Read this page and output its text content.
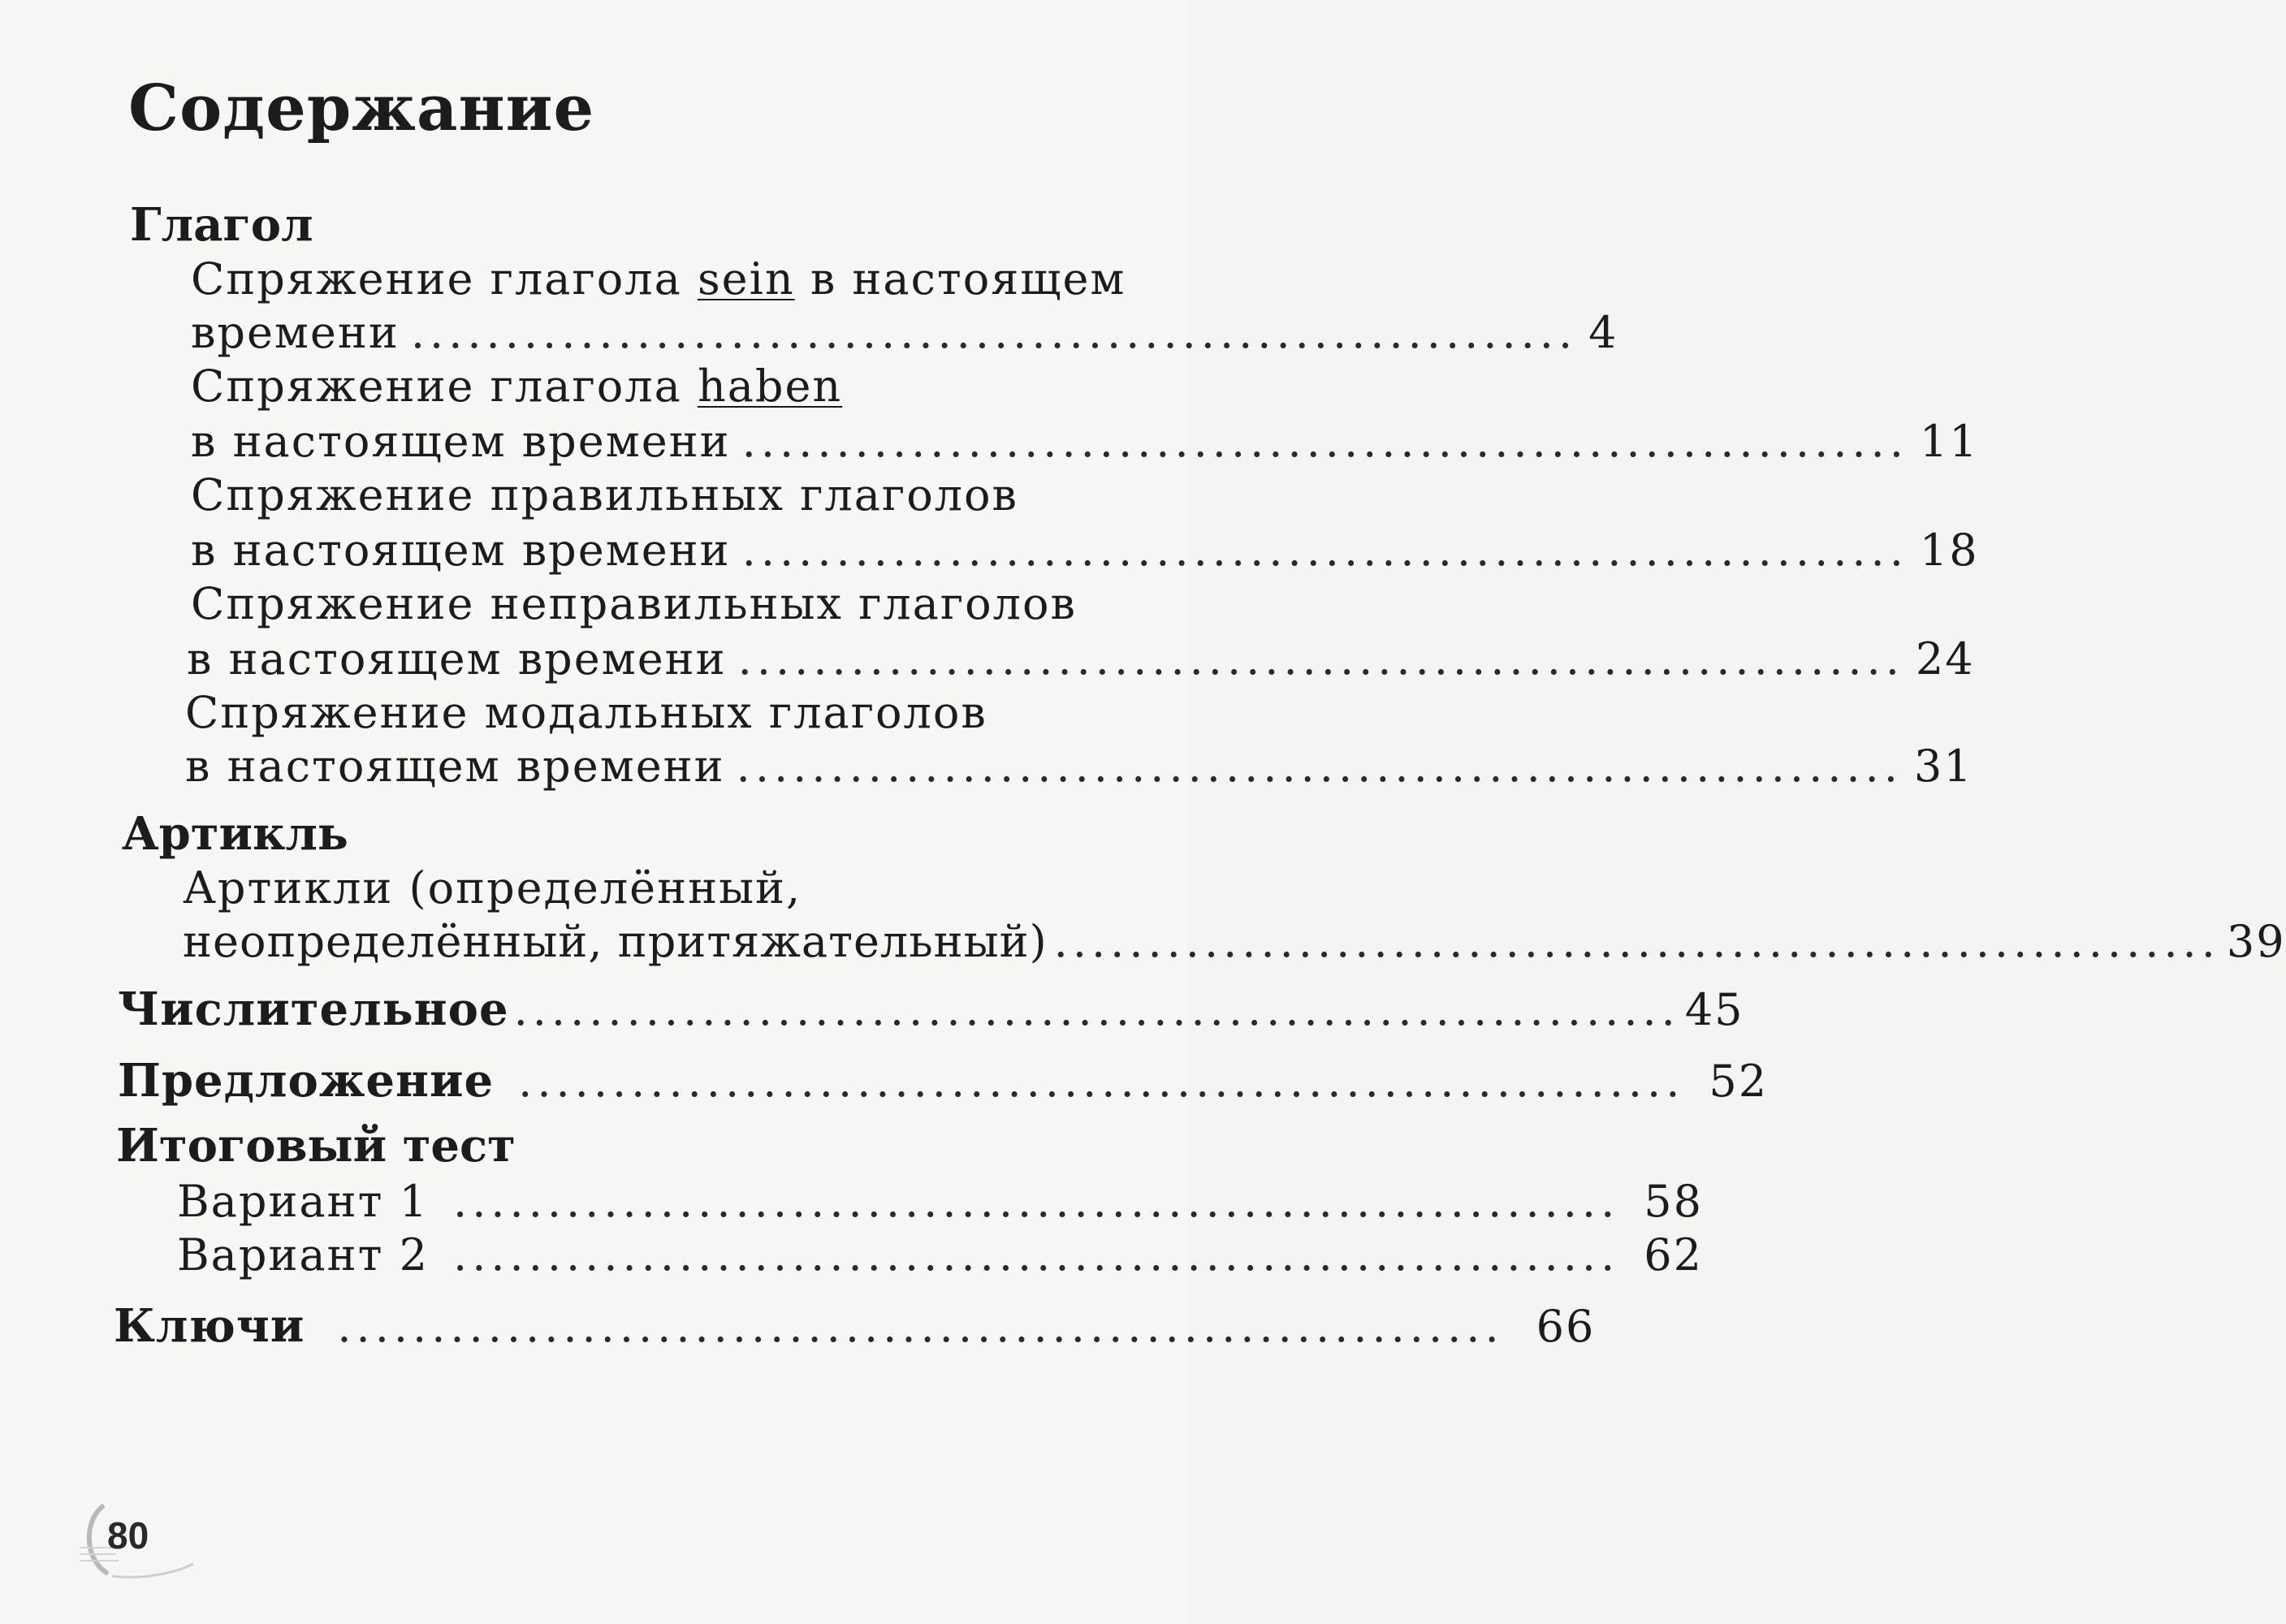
Содержание
Глагол
Спряжение глагола sein в настоящем
времени .............................................................. 4
Спряжение глагола haben
в настоящем времени .............................................................. 11
Спряжение правильных глаголов
в настоящем времени .............................................................. 18
Спряжение неправильных глаголов
в настоящем времени .............................................................. 24
Спряжение модальных глаголов
в настоящем времени .............................................................. 31
Артикль
Артикли (определённый,
неопределённый, притяжательный) .............................................................. 39
Числительное .............................................................. 45
Предложение .............................................................. 52
Итоговый тест
Вариант 1 .............................................................. 58
Вариант 2 .............................................................. 62
Ключи .............................................................. 66
80
